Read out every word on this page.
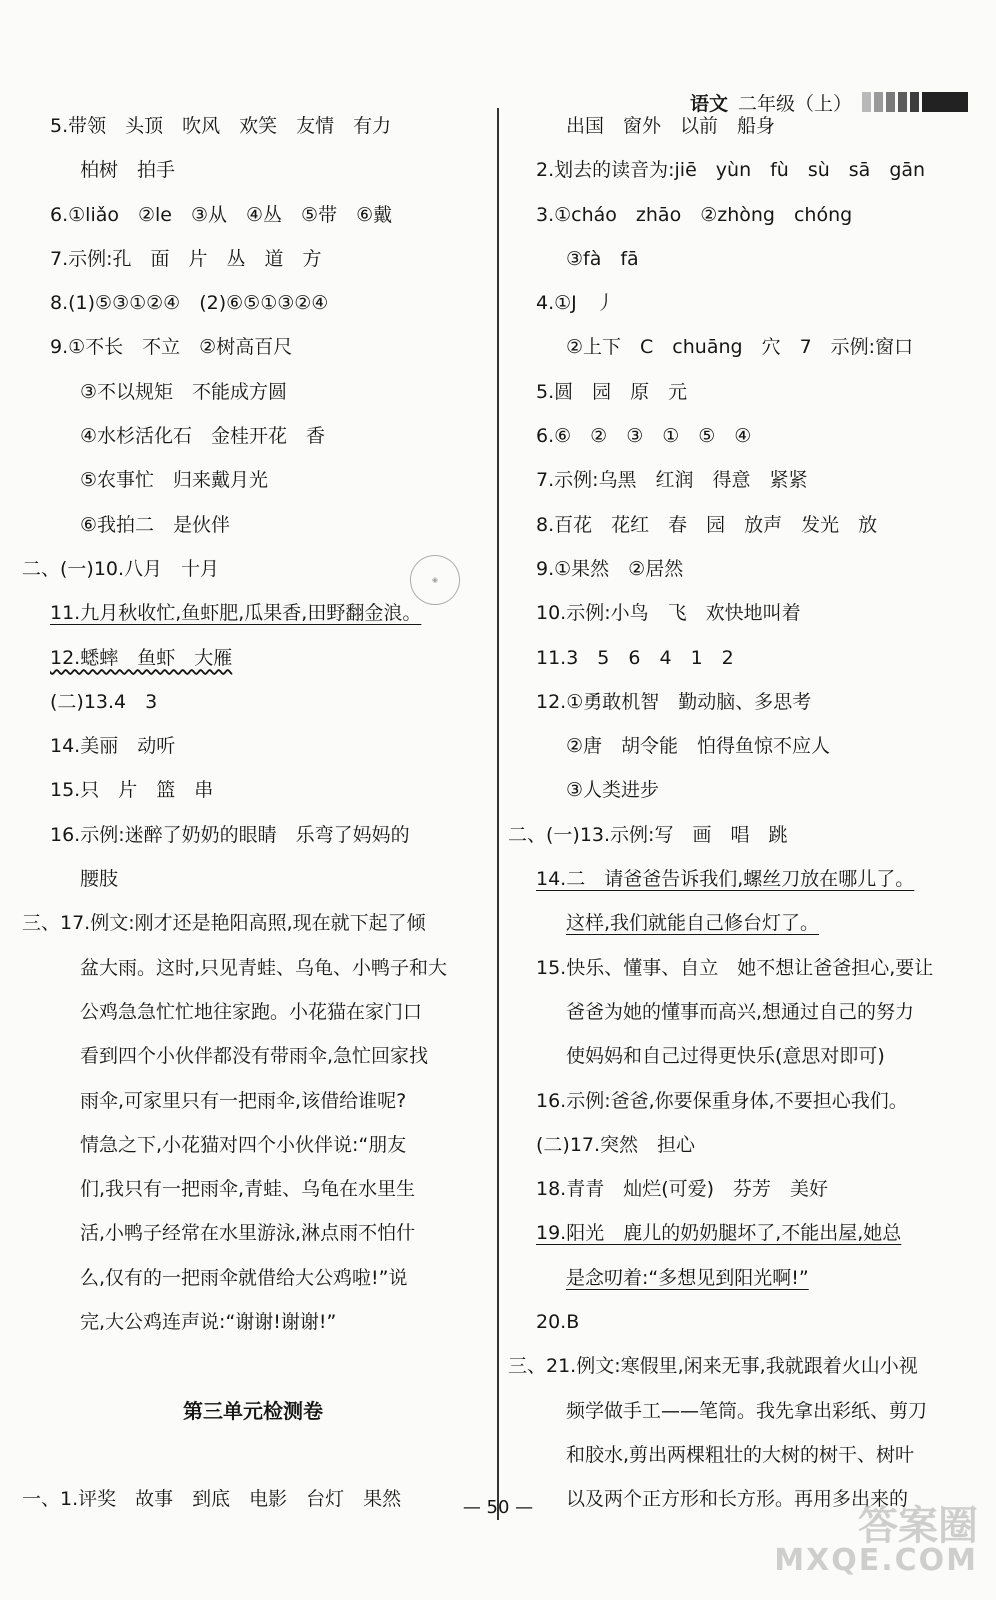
语文 二年级（上）
5.带领　头顶　吹风　欢笑　友情　有力
柏树　拍手
6.①liǎo　②le　③从　④丛　⑤带　⑥戴
7.示例:孔　面　片　丛　道　方
8.(1)⑤③①②④　(2)⑥⑤①③②④
9.①不长　不立　②树高百尺
③不以规矩　不能成方圆
④水杉活化石　金桂开花　香
⑤农事忙　归来戴月光
⑥我拍二　是伙伴
二、(一)10.八月　十月
11.九月秋收忙,鱼虾肥,瓜果香,田野翻金浪。
12.蟋蟀　鱼虾　大雁
(二)13.4　3
14.美丽　动听
15.只　片　篮　串
16.示例:迷醉了奶奶的眼睛　乐弯了妈妈的
腰肢
三、17.例文:刚才还是艳阳高照,现在就下起了倾
盆大雨。这时,只见青蛙、乌龟、小鸭子和大
公鸡急急忙忙地往家跑。小花猫在家门口
看到四个小伙伴都没有带雨伞,急忙回家找
雨伞,可家里只有一把雨伞,该借给谁呢?
情急之下,小花猫对四个小伙伴说:“朋友
们,我只有一把雨伞,青蛙、乌龟在水里生
活,小鸭子经常在水里游泳,淋点雨不怕什
么,仅有的一把雨伞就借给大公鸡啦!”说
完,大公鸡连声说:“谢谢!谢谢!”
第三单元检测卷
一、1.评奖　故事　到底　电影　台灯　果然
出国　窗外　以前　船身
2.划去的读音为:jiē　yùn　fù　sù　sā　gān
3.①cháo　zhāo　②zhòng　chóng
③fà　fā
4.①J　丿
②上下　C　chuāng　穴　7　示例:窗口
5.圆　园　原　元
6.⑥　②　③　①　⑤　④
7.示例:乌黑　红润　得意　紧紧
8.百花　花红　春　园　放声　发光　放
9.①果然　②居然
10.示例:小鸟　飞　欢快地叫着
11.3　5　6　4　1　2
12.①勇敢机智　勤动脑、多思考
②唐　胡令能　怕得鱼惊不应人
③人类进步
二、(一)13.示例:写　画　唱　跳
14.二　请爸爸告诉我们,螺丝刀放在哪儿了。
这样,我们就能自己修台灯了。
15.快乐、懂事、自立　她不想让爸爸担心,要让
爸爸为她的懂事而高兴,想通过自己的努力
使妈妈和自己过得更快乐(意思对即可)
16.示例:爸爸,你要保重身体,不要担心我们。
(二)17.突然　担心
18.青青　灿烂(可爱)　芬芳　美好
19.阳光　鹿儿的奶奶腿坏了,不能出屋,她总
是念叨着:“多想见到阳光啊!”
20.B
三、21.例文:寒假里,闲来无事,我就跟着火山小视
频学做手工——笔筒。我先拿出彩纸、剪刀
和胶水,剪出两棵粗壮的大树的树干、树叶
以及两个正方形和长方形。再用多出来的
◉
— 50 —	答案圈
MXQE.COM
